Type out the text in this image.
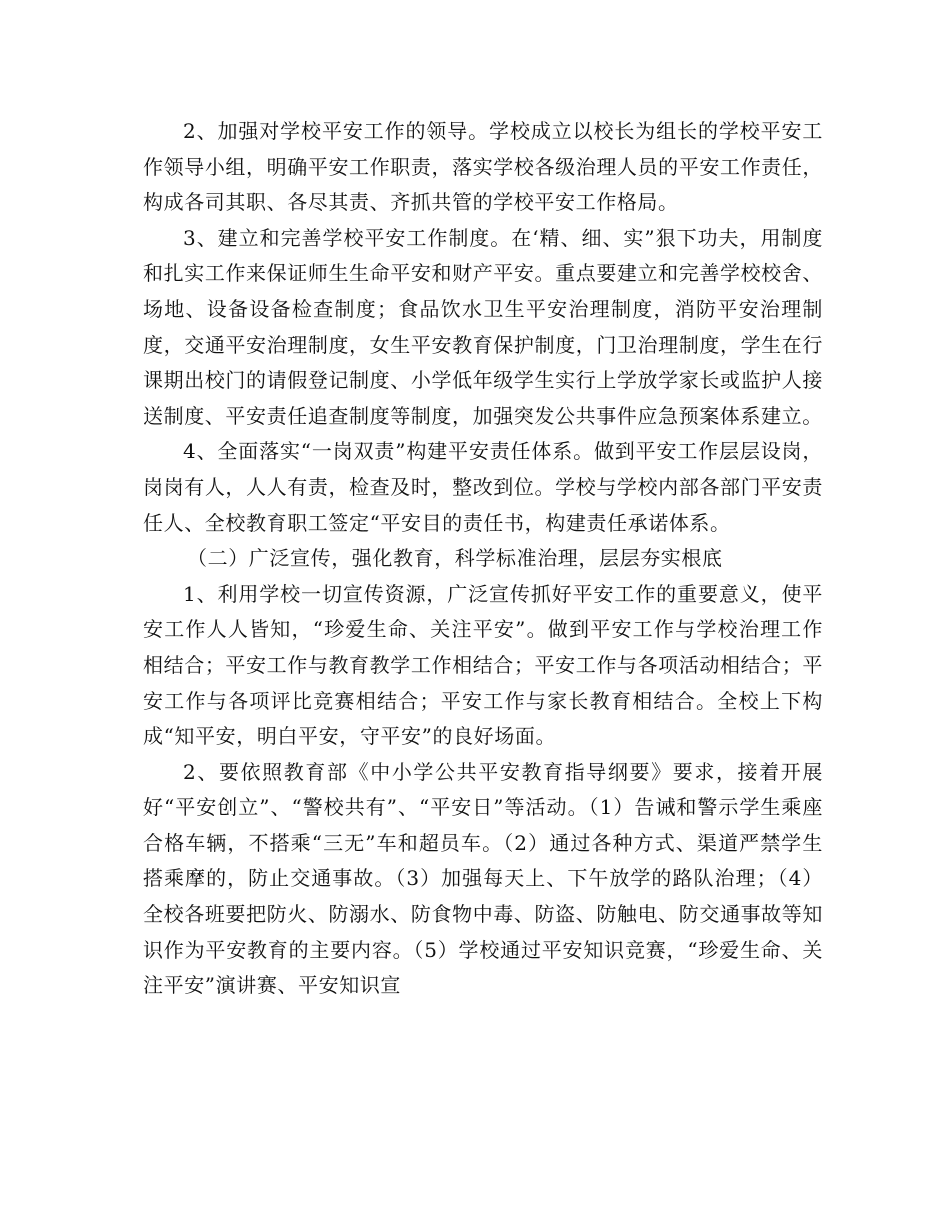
2、加强对学校平安工作的领导。学校成立以校长为组长的学校平安工作领导小组，明确平安工作职责，落实学校各级治理人员的平安工作责任，构成各司其职、各尽其责、齐抓共管的学校平安工作格局。

3、建立和完善学校平安工作制度。在‘精、细、实”狠下功夫，用制度和扎实工作来保证师生生命平安和财产平安。重点要建立和完善学校校舍、场地、设备设备检查制度；食品饮水卫生平安治理制度，消防平安治理制度，交通平安治理制度，女生平安教育保护制度，门卫治理制度，学生在行课期出校门的请假登记制度、小学低年级学生实行上学放学家长或监护人接送制度、平安责任追查制度等制度，加强突发公共事件应急预案体系建立。

4、全面落实“一岗双责”构建平安责任体系。做到平安工作层层设岗，岗岗有人，人人有责，检查及时，整改到位。学校与学校内部各部门平安责任人、全校教育职工签定“平安目的责任书，构建责任承诺体系。

（二）广泛宣传，强化教育，科学标准治理，层层夯实根底

1、利用学校一切宣传资源，广泛宣传抓好平安工作的重要意义，使平安工作人人皆知，“珍爱生命、关注平安”。做到平安工作与学校治理工作相结合；平安工作与教育教学工作相结合；平安工作与各项活动相结合；平安工作与各项评比竞赛相结合；平安工作与家长教育相结合。全校上下构成“知平安，明白平安，守平安”的良好场面。

2、要依照教育部《中小学公共平安教育指导纲要》要求，接着开展好“平安创立”、“警校共有”、“平安日”等活动。（1）告诫和警示学生乘座合格车辆，不搭乘“三无”车和超员车。（2）通过各种方式、渠道严禁学生搭乘摩的，防止交通事故。（3）加强每天上、下午放学的路队治理；（4）全校各班要把防火、防溺水、防食物中毒、防盗、防触电、防交通事故等知识作为平安教育的主要内容。（5）学校通过平安知识竞赛，“珍爱生命、关注平安”演讲赛、平安知识宣
